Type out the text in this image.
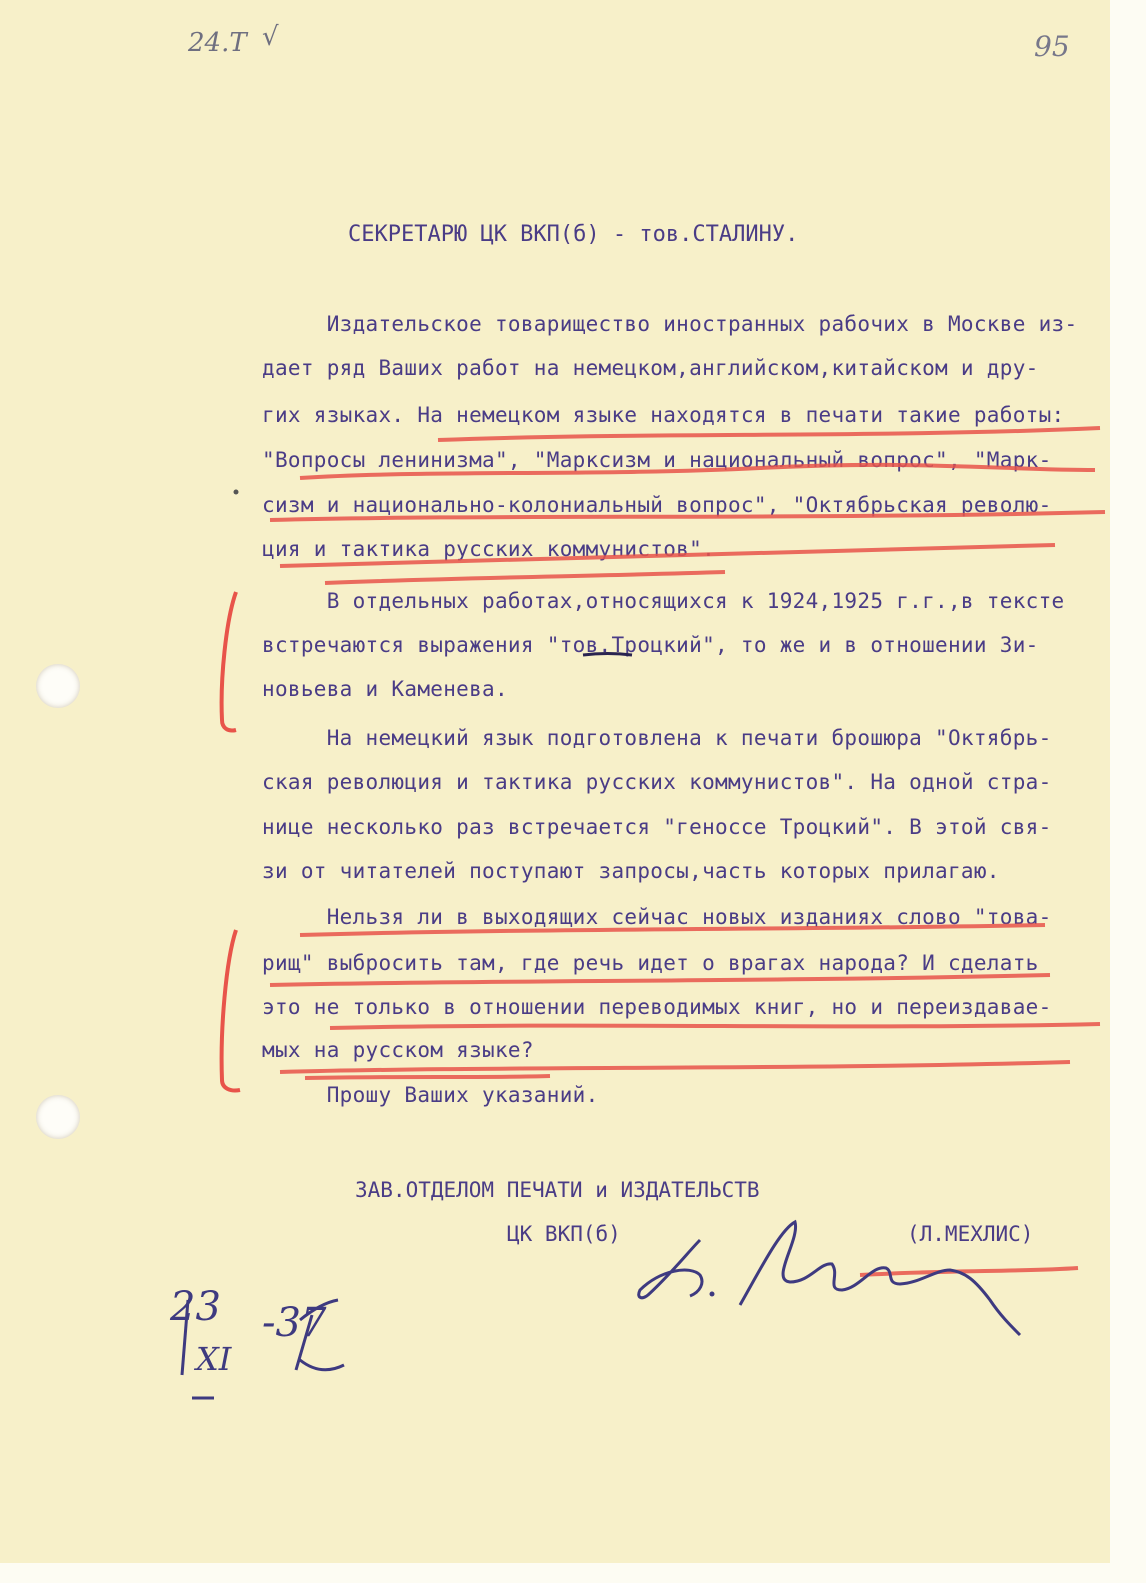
24.T √	95
СЕКРЕТАРЮ ЦК ВКП(б) - тов.СТАЛИНУ.
Издательское товарищество иностранных рабочих в Москве из-
дает ряд Ваших работ на немецком,английском,китайском и дру-
гих языках. На немецком языке находятся в печати такие работы:
"Вопросы ленинизма", "Марксизм и национальный вопрос", "Марк-
сизм и национально-колониальный вопрос", "Октябрьская револю-
ция и тактика русских коммунистов".
В отдельных работах,относящихся к 1924,1925 г.г.,в тексте
встречаются выражения "тов.Троцкий", то же и в отношении Зи-
новьева и Каменева.
На немецкий язык подготовлена к печати брошюра "Октябрь-
ская революция и тактика русских коммунистов". На одной стра-
нице несколько раз встречается "геноссе Троцкий". В этой свя-
зи от читателей поступают запросы,часть которых прилагаю.
Нельзя ли в выходящих сейчас новых изданиях слово "това-
рищ" выбросить там, где речь идет о врагах народа? И сделать
это не только в отношении переводимых книг, но и переиздавае-
мых на русском языке?
Прошу Ваших указаний.
ЗАВ.ОТДЕЛОМ ПЕЧАТИ и ИЗДАТЕЛЬСТВ
ЦК ВКП(б)	(Л.МЕХЛИС)
23
XI
-37
